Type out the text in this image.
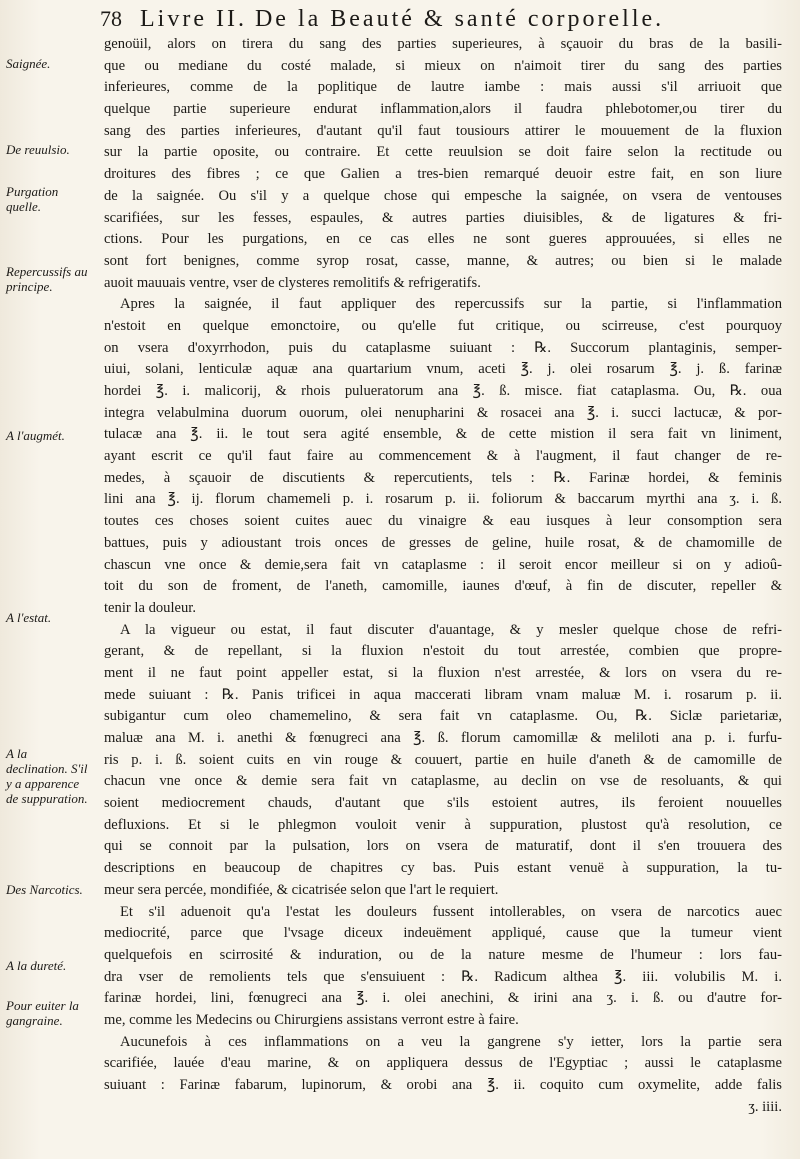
78 Livre II. De la Beauté & santé corporelle.
Saignée.
De reuulsio.
Purgation quelle.
Repercussifs au principe.
A l'augmét.
A l'estat.
A la declination. S'il y a apparence de suppuration.
Des Narcotics.
A la dureté.
Pour euiter la gangraine.
genoüil, alors on tirera du sang des parties superieures, à sçauoir du bras de la basili-
que ou mediane du costé malade, si mieux on n'aimoit tirer du sang des parties
inferieures, comme de la poplitique de lautre iambe : mais aussi s'il arriuoit que
quelque partie superieure endurat inflammation,alors il faudra phlebotomer,ou tirer du
sang des parties inferieures, d'autant qu'il faut tousiours attirer le mouuement de la fluxion
sur la partie oposite, ou contraire. Et cette reuulsion se doit faire selon la rectitude ou
droitures des fibres ; ce que Galien a tres-bien remarqué deuoir estre fait, en son liure
de la saignée. Ou s'il y a quelque chose qui empesche la saignée, on vsera de ventouses
scarifiées, sur les fesses, espaules, & autres parties diuisibles, & de ligatures & fri-
ctions. Pour les purgations, en ce cas elles ne sont gueres approuuées, si elles ne
sont fort benignes, comme syrop rosat, casse, manne, & autres; ou bien si le malade
auoit mauuais ventre, vser de clysteres remolitifs & refrigeratifs.
Apres la saignée, il faut appliquer des repercussifs sur la partie, si l'inflammation
n'estoit en quelque emonctoire, ou qu'elle fut critique, ou scirreuse, c'est pourquoy
on vsera d'oxyrrhodon, puis du cataplasme suiuant : ℞. Succorum plantaginis, semper-
uiui, solani, lenticulæ aquæ ana quartarium vnum, aceti ℥. j. olei rosarum ℥. j. ß. farinæ
hordei ℥. i. malicorij, & rhois pulueratorum ana ℥. ß. misce. fiat cataplasma. Ou, ℞. oua
integra velabulmina duorum ouorum, olei nenupharini & rosacei ana ℥. i. succi lactucæ, & por-
tulacæ ana ℥. ii. le tout sera agité ensemble, & de cette mistion il sera fait vn liniment,
ayant escrit ce qu'il faut faire au commencement & à l'augment, il faut changer de re-
medes, à sçauoir de discutients & repercutients, tels : ℞. Farinæ hordei, & feminis
lini ana ℥. ij. florum chamemeli p. i. rosarum p. ii. foliorum & baccarum myrthi ana ʒ. i. ß.
toutes ces choses soient cuites auec du vinaigre & eau iusques à leur consomption sera
battues, puis y adioustant trois onces de gresses de geline, huile rosat, & de chamomille de
chascun vne once & demie,sera fait vn cataplasme : il seroit encor meilleur si on y adioû-
toit du son de froment, de l'aneth, camomille, iaunes d'œuf, à fin de discuter, repeller &
tenir la douleur.
A la vigueur ou estat, il faut discuter d'auantage, & y mesler quelque chose de refri-
gerant, & de repellant, si la fluxion n'estoit du tout arrestée, combien que propre-
ment il ne faut point appeller estat, si la fluxion n'est arrestée, & lors on vsera du re-
mede suiuant : ℞. Panis trificei in aqua maccerati libram vnam maluæ M. i. rosarum p. ii.
subigantur cum oleo chamemelino, & sera fait vn cataplasme. Ou, ℞. Siclæ parietariæ,
maluæ ana M. i. anethi & fœnugreci ana ℥. ß. florum camomillæ & meliloti ana p. i. furfu-
ris p. i. ß. soient cuits en vin rouge & couuert, partie en huile d'aneth & de camomille de
chacun vne once & demie sera fait vn cataplasme, au declin on vse de resoluants, & qui
soient mediocrement chauds, d'autant que s'ils estoient autres, ils feroient nouuelles
defluxions. Et si le phlegmon vouloit venir à suppuration, plustost qu'à resolution, ce
qui se connoit par la pulsation, lors on vsera de maturatif, dont il s'en trouuera des
descriptions en beaucoup de chapitres cy bas. Puis estant venuë à suppuration, la tu-
meur sera percée, mondifiée, & cicatrisée selon que l'art le requiert.
Et s'il aduenoit qu'a l'estat les douleurs fussent intollerables, on vsera de narcotics auec
mediocrité, parce que l'vsage diceux indeuëment appliqué, cause que la tumeur vient
quelquefois en scirrosité & induration, ou de la nature mesme de l'humeur : lors fau-
dra vser de remolients tels que s'ensuiuent : ℞. Radicum althea ℥. iii. volubilis M. i.
farinæ hordei, lini, fœnugreci ana ℥. i. olei anechini, & irini ana ʒ. i. ß. ou d'autre for-
me, comme les Medecins ou Chirurgiens assistans verront estre à faire.
Aucunefois à ces inflammations on a veu la gangrene s'y ietter, lors la partie sera
scarifiée, lauée d'eau marine, & on appliquera dessus de l'Egyptiac ; aussi le cataplasme
suiuant : Farinæ fabarum, lupinorum, & orobi ana ℥. ii. coquito cum oxymelite, adde falis
ʒ. iiii.
